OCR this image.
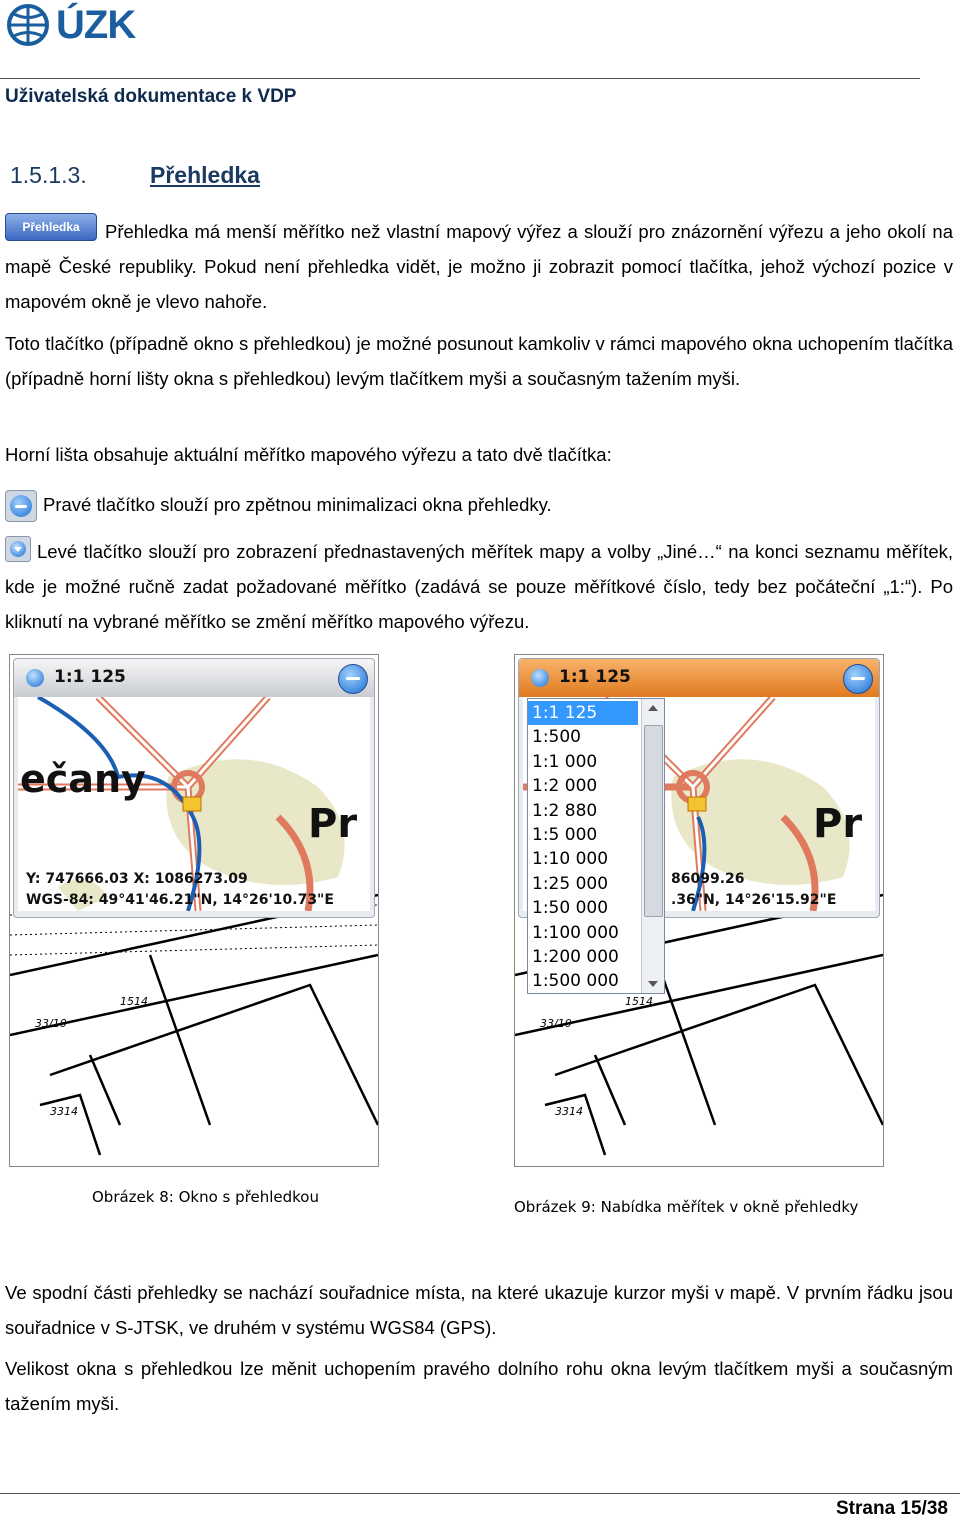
ÚZK
Uživatelská dokumentace k VDP
1.5.1.3.	Přehledka
Přehledka Přehledka má menší měřítko než vlastní mapový výřez a slouží pro znázornění výřezu a jeho okolí na mapě České republiky. Pokud není přehledka vidět, je možno ji zobrazit pomocí tlačítka, jehož výchozí pozice v mapovém okně je vlevo nahoře.
Toto tlačítko (případně okno s přehledkou) je možné posunout kamkoliv v rámci mapového okna uchopením tlačítka (případně horní lišty okna s přehledkou) levým tlačítkem myši a současným tažením myši.
Horní lišta obsahuje aktuální měřítko mapového výřezu a tato dvě tlačítka:
Pravé tlačítko slouží pro zpětnou minimalizaci okna přehledky.
Levé tlačítko slouží pro zobrazení přednastavených měřítek mapy a volby „Jiné…“ na konci seznamu měřítek, kde je možné ručně zadat požadované měřítko (zadává se pouze měřítkové číslo, tedy bez počáteční „1:“). Po kliknutí na vybrané měřítko se změní měřítko mapového výřezu.
1514
33/10
3314
1:1 125
ečany
Pr
Y: 747666.03 X: 1086273.09
WGS-84: 49°41'46.21"N, 14°26'10.73"E
Obrázek 8: Okno s přehledkou
1514
33/10
3314
1:1 125
Pr
86099.26
.36"N, 14°26'15.92"E
1:1 125
1:500
1:1 000
1:2 000
1:2 880
1:5 000
1:10 000
1:25 000
1:50 000
1:100 000
1:200 000
1:500 000
Obrázek 9: Nabídka měřítek v okně přehledky
Ve spodní části přehledky se nachází souřadnice místa, na které ukazuje kurzor myši v mapě. V prvním řádku jsou souřadnice v S-JTSK, ve druhém v systému WGS84 (GPS).
Velikost okna s přehledkou lze měnit uchopením pravého dolního rohu okna levým tlačítkem myši a současným tažením myši.
Strana 15/38
